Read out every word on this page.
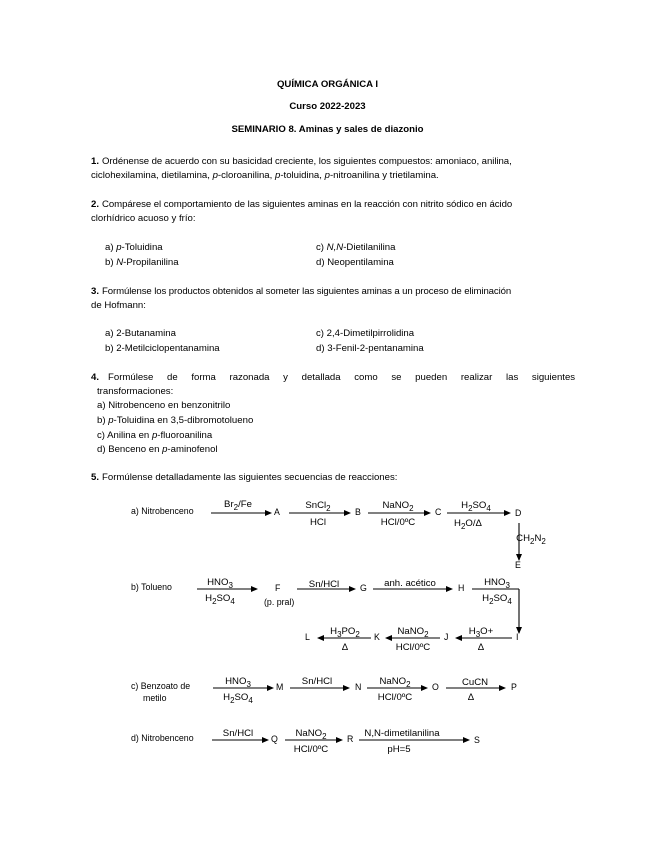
QUÍMICA ORGÁNICA I
Curso 2022-2023
SEMINARIO 8. Aminas y sales de diazonio
1. Ordénense de acuerdo con su basicidad creciente, los siguientes compuestos: amoniaco, anilina,
ciclohexilamina, dietilamina, p-cloroanilina, p-toluidina, p-nitroanilina y trietilamina.
2. Compárese el comportamiento de las siguientes aminas en la reacción con nitrito sódico en ácido
clorhídrico acuoso y frío:
a) p-Toluidina
b) N-Propilanilina
c) N,N-Dietilanilina
d) Neopentilamina
3. Formúlense los productos obtenidos al someter las siguientes aminas a un proceso de eliminación
de Hofmann:
a) 2-Butanamina
b) 2-Metilciclopentanamina
c) 2,4-Dimetilpirrolidina
d) 3-Fenil-2-pentanamina
4. Formúlese de forma razonada y detallada como se pueden realizar las siguientes
transformaciones:
a) Nitrobenceno en benzonitrilo
b) p-Toluidina en 3,5-dibromotolueno
c) Anilina en p-fluoroanilina
d) Benceno en p-aminofenol
5. Formúlense detalladamente las siguientes secuencias de reacciones:
a) Nitrobenceno
$Br_2/Fe$
A
SnCl$_2$
HCl
B
NaNO$_2$
HCl/0ºC
C
$H_2SO_4$
$H_2O/\Delta$
D
$CH_2N_2$
E
b) Tolueno	$HNO_3$
$H_2SO_4$
F
(p. pral)
Sn/HCl G anh. acético	H $HNO_3$
$H_2SO_4$
I
$H_3O+$
Δ
J
NaNO$_2$
HCl/0ºC
K
$H_3PO_2$
Δ
L
c) Benzoato de
metilo
$HNO_3$
$H_2SO_4$
M Sn/HCl	N NaNO$_2$
HCl/0ºC
O CuCN
Δ
P
d) Nitrobenceno	Sn/HCl Q NaNO$_2$
HCl/0ºC
R N,N-dimetilanilina
pH=5
S
